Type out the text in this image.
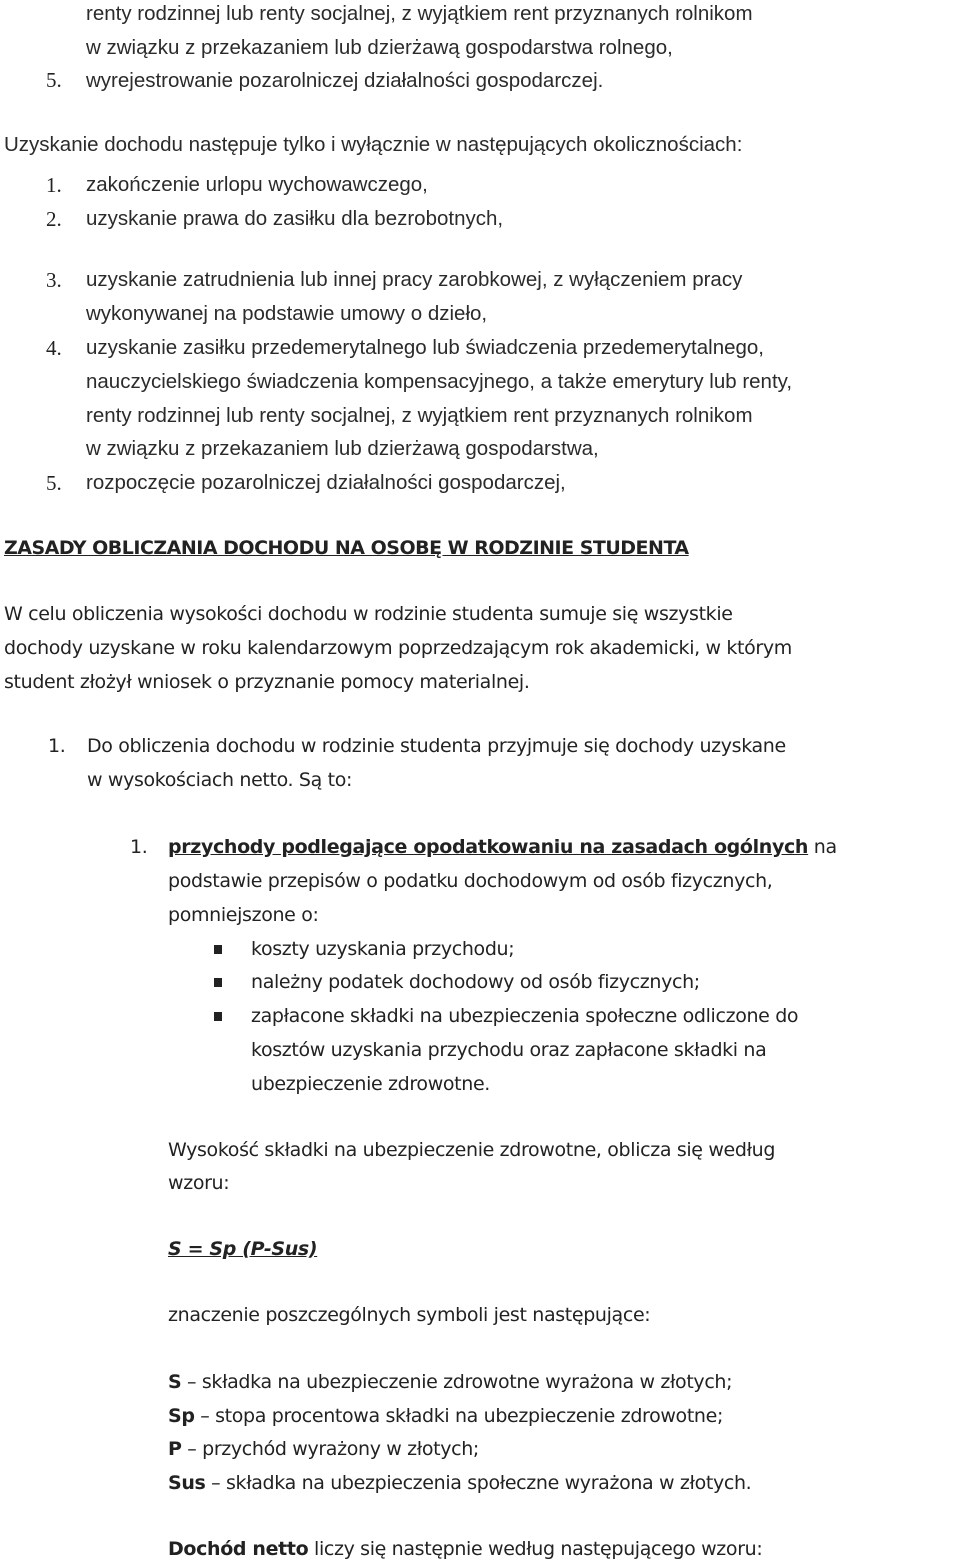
renty rodzinnej lub renty socjalnej, z wyjątkiem rent przyznanych rolnikom
w związku z przekazaniem lub dzierżawą gospodarstwa rolnego,
5. wyrejestrowanie pozarolniczej działalności gospodarczej.
Uzyskanie dochodu następuje tylko i wyłącznie w następujących okolicznościach:
1. zakończenie urlopu wychowawczego,
2. uzyskanie prawa do zasiłku dla bezrobotnych,
3. uzyskanie zatrudnienia lub innej pracy zarobkowej, z wyłączeniem pracy
wykonywanej na podstawie umowy o dzieło,
4. uzyskanie zasiłku przedemerytalnego lub świadczenia przedemerytalnego,
nauczycielskiego świadczenia kompensacyjnego, a także emerytury lub renty,
renty rodzinnej lub renty socjalnej, z wyjątkiem rent przyznanych rolnikom
w związku z przekazaniem lub dzierżawą gospodarstwa,
5. rozpoczęcie pozarolniczej działalności gospodarczej,
ZASADY OBLICZANIA DOCHODU NA OSOBĘ W RODZINIE STUDENTA
W celu obliczenia wysokości dochodu w rodzinie studenta sumuje się wszystkie
dochody uzyskane w roku kalendarzowym poprzedzającym rok akademicki, w którym
student złożył wniosek o przyznanie pomocy materialnej.
1. Do obliczenia dochodu w rodzinie studenta przyjmuje się dochody uzyskane
w wysokościach netto. Są to:
1. przychody podlegające opodatkowaniu na zasadach ogólnych na
podstawie przepisów o podatku dochodowym od osób fizycznych,
pomniejszone o:
koszty uzyskania przychodu;
należny podatek dochodowy od osób fizycznych;
zapłacone składki na ubezpieczenia społeczne odliczone do
kosztów uzyskania przychodu oraz zapłacone składki na
ubezpieczenie zdrowotne.
Wysokość składki na ubezpieczenie zdrowotne, oblicza się według
wzoru:
S = Sp (P-Sus)
znaczenie poszczególnych symboli jest następujące:
S – składka na ubezpieczenie zdrowotne wyrażona w złotych;
Sp – stopa procentowa składki na ubezpieczenie zdrowotne;
P – przychód wyrażony w złotych;
Sus – składka na ubezpieczenia społeczne wyrażona w złotych.
Dochód netto liczy się następnie według następującego wzoru:
